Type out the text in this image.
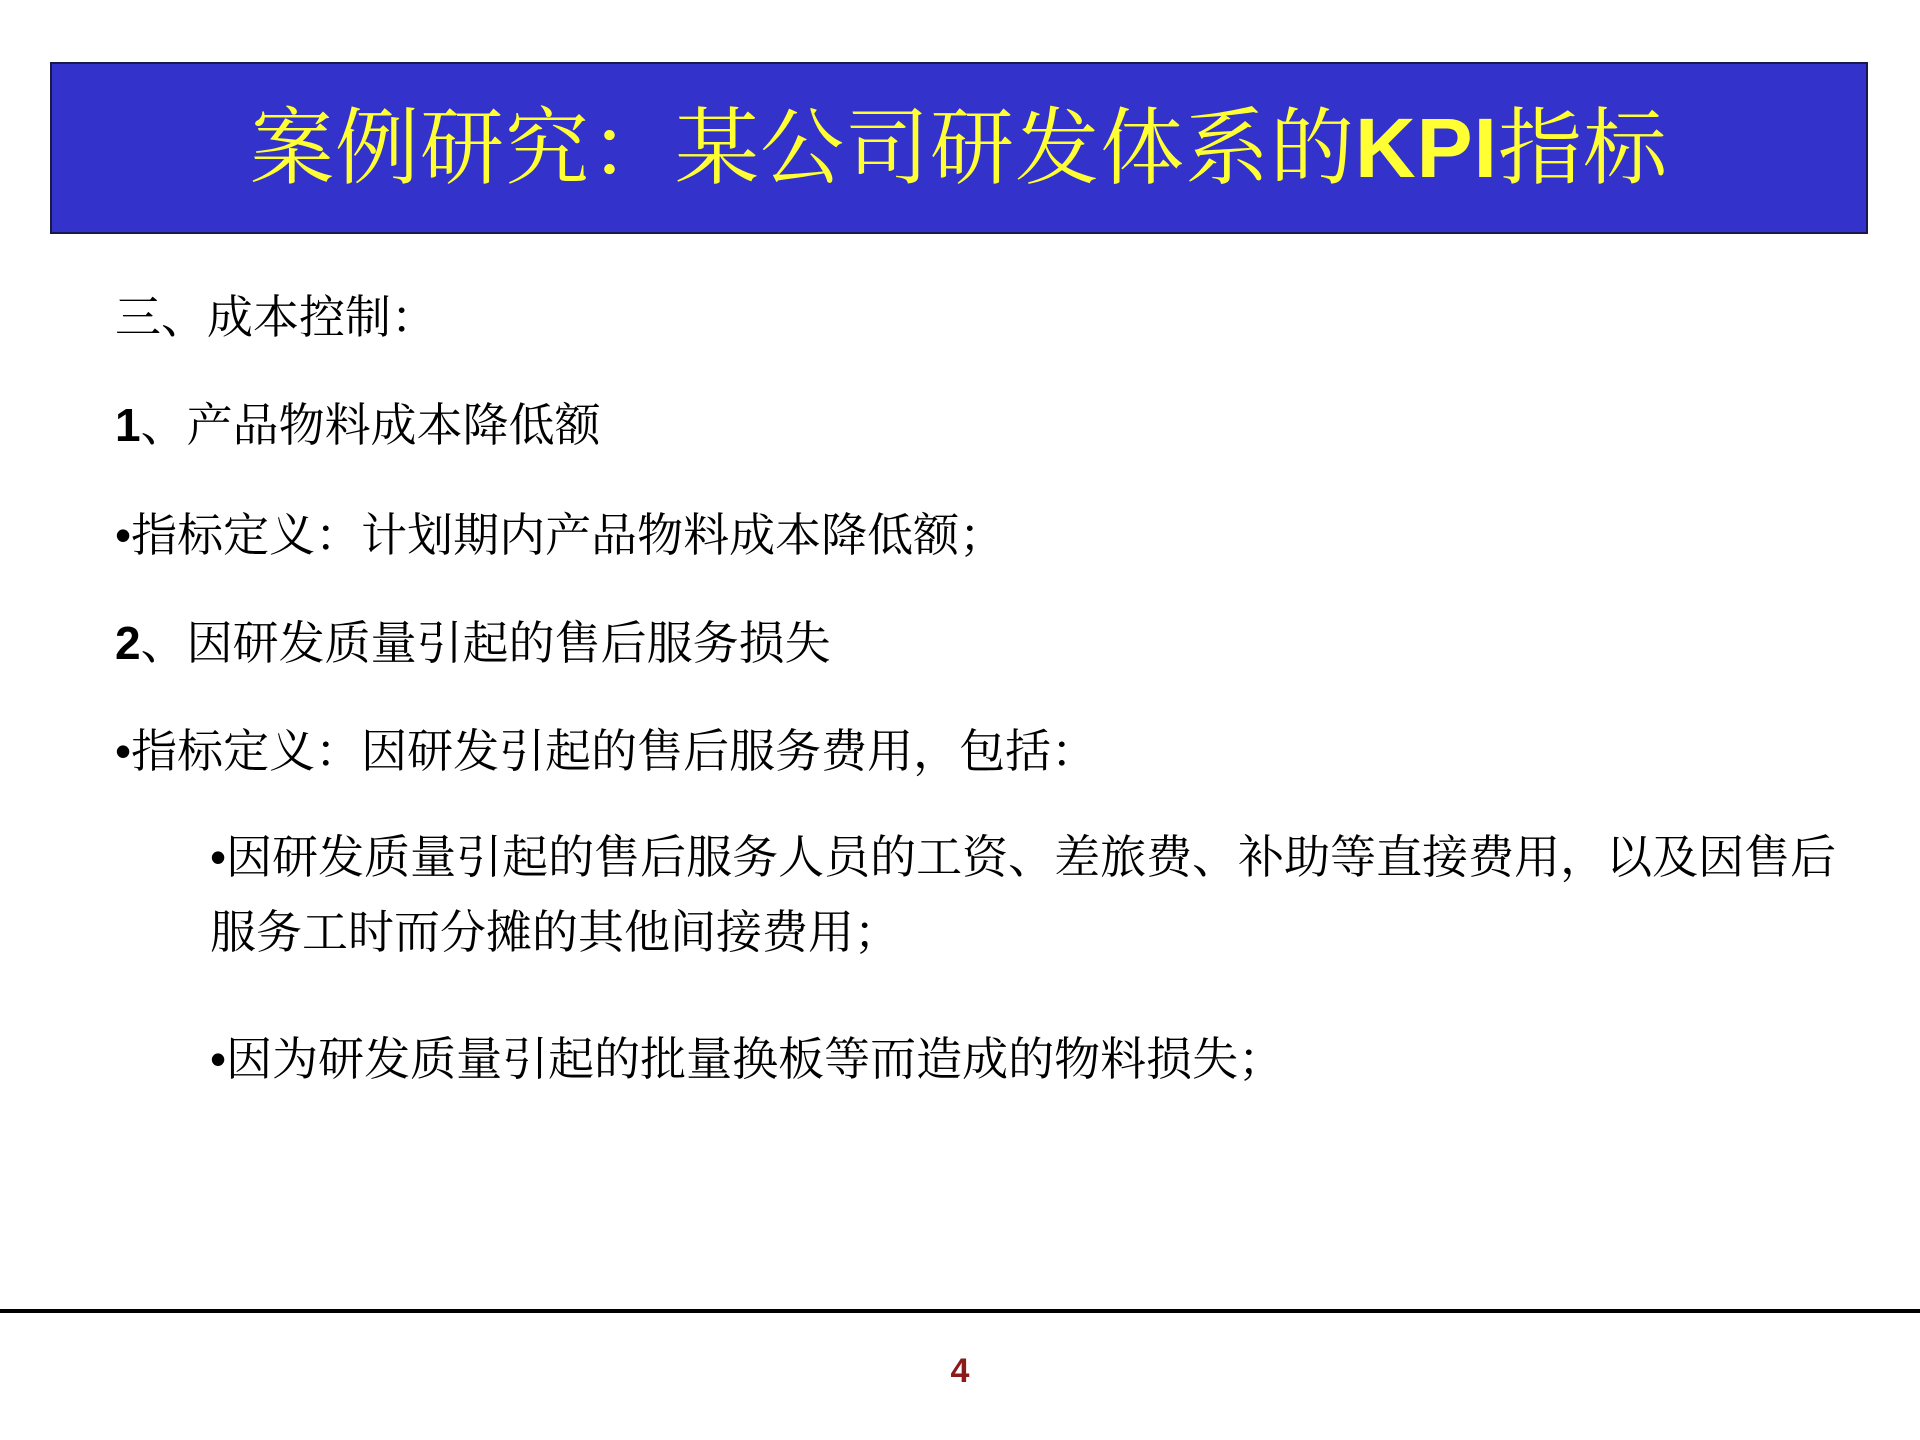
案例研究：某公司研发体系的KPI指标
三、成本控制：
1、产品物料成本降低额
•指标定义：计划期内产品物料成本降低额；
2、因研发质量引起的售后服务损失
•指标定义：因研发引起的售后服务费用，包括：
•因研发质量引起的售后服务人员的工资、差旅费、补助等直接费用，以及因售后服务工时而分摊的其他间接费用；
•因为研发质量引起的批量换板等而造成的物料损失；
4
